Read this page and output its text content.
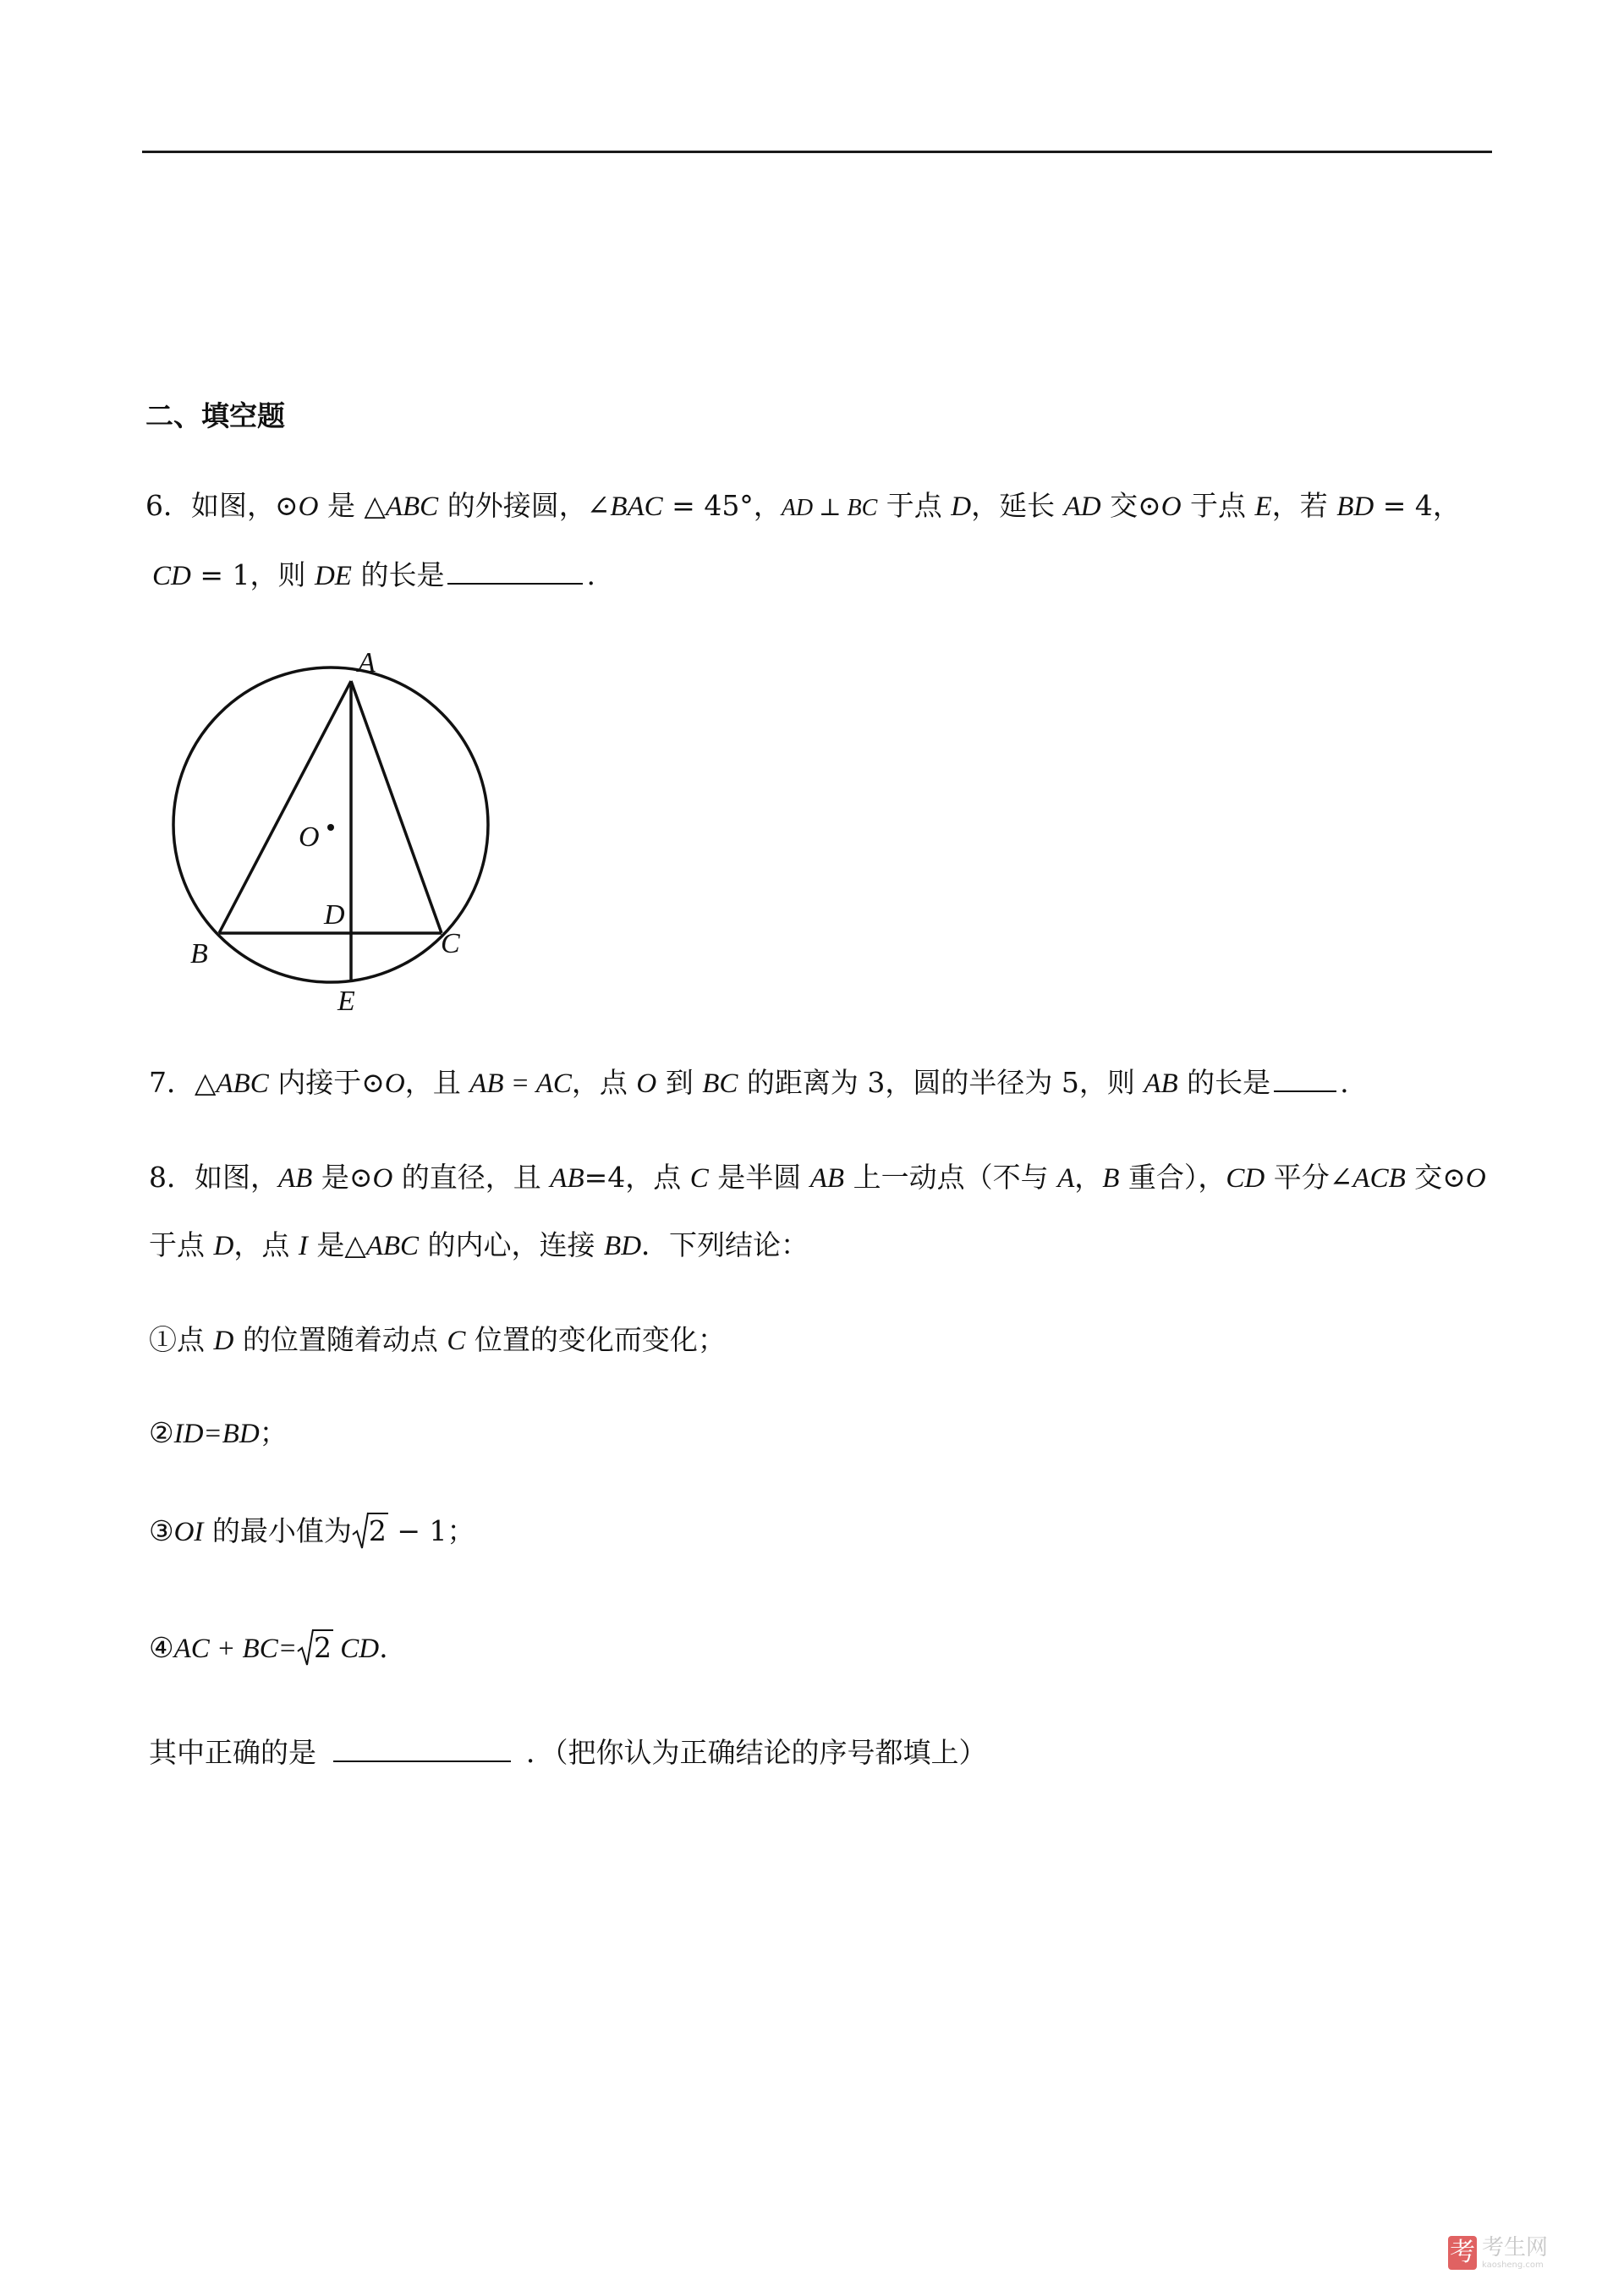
二、填空题
6．如图，⊙O 是 △ABC 的外接圆，∠BAC = 45°，AD ⊥ BC 于点 D，延长 AD 交⊙O 于点 E，若 BD = 4，
CD = 1，则 DE 的长是	.
A
O
D
B	C
E
7．△ABC 内接于⊙O，且 AB = AC，点 O 到 BC 的距离为 3，圆的半径为 5，则 AB 的长是 .
8．如图，AB 是⊙O 的直径，且 AB=4，点 C 是半圆 AB 上一动点（不与 A，B 重合），CD 平分∠ACB 交⊙O
于点 D，点 I 是△ABC 的内心，连接 BD．下列结论：
①点 D 的位置随着动点 C 位置的变化而变化；
②ID=BD；
③OI 的最小值为 2 − 1；
④AC + BC= 2 CD.
其中正确的是	．（把你认为正确结论的序号都填上）
考 考生网
kaosheng.com
